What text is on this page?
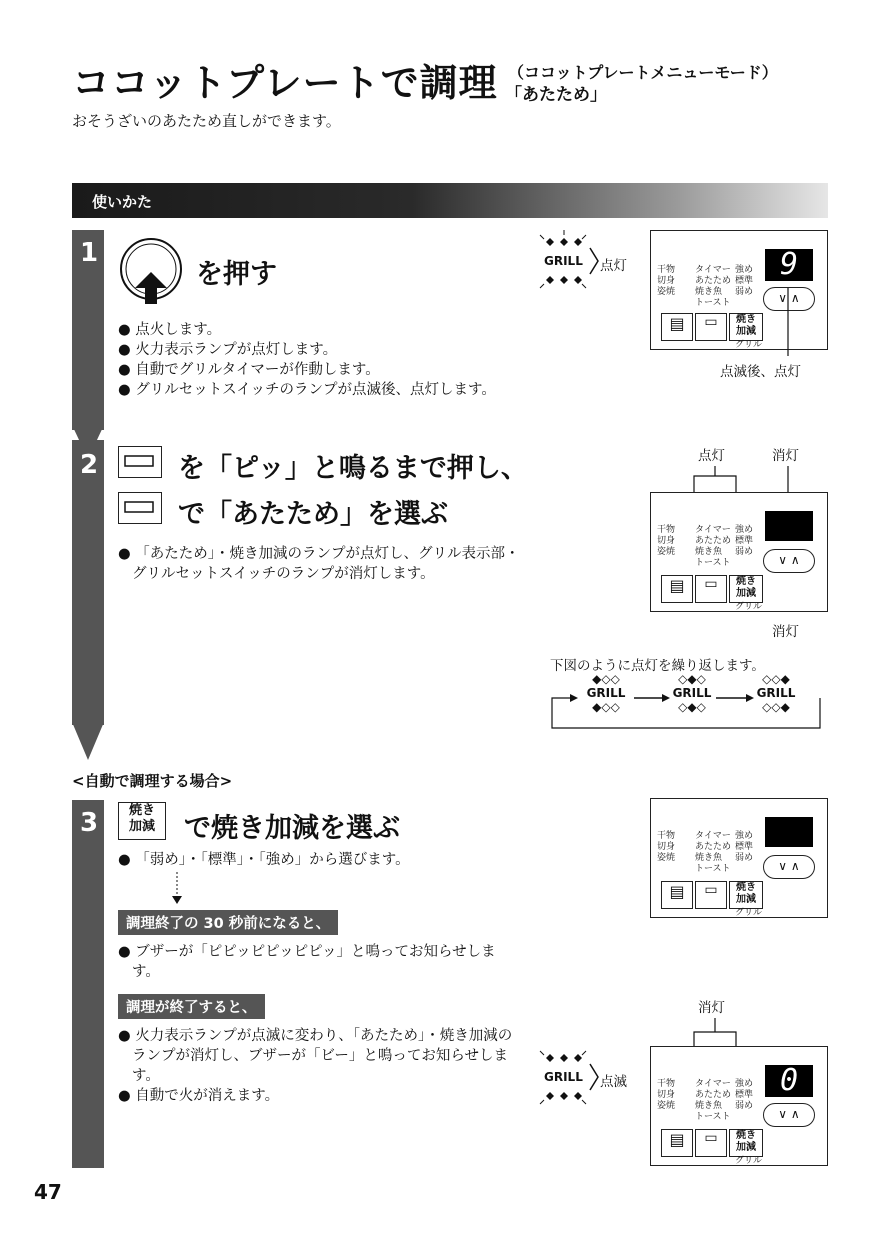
ココットプレートで調理 （ココットプレートメニューモード）
「あたため」
おそうざいのあたため直しができます。
使いかた
1
を押す
● 点火します。
● 火力表示ランプが点灯します。
● 自動でグリルタイマーが作動します。
● グリルセットスイッチのランプが点滅後、点灯します。
GRILL 点灯	干物
切身
姿焼
タイマー
あたため
焼き魚
トースト
強め
標準
弱め
9
∨ ∧
▤	▭	焼き
加減
グリル
点滅後、点灯
2	を「ピッ」と鳴るまで押し、
で「あたため」を選ぶ
● 「あたため」・焼き加減のランプが点灯し、グリル表示部・グリルセットスイッチのランプが消灯します。
点灯	消灯
干物
切身
姿焼
タイマー
あたため
焼き魚
トースト
強め
標準
弱め
∨ ∧
▤	▭	焼き
加減
グリル
消灯
下図のように点灯を繰り返します。
◆◇◇
GRILL
◆◇◇
◇◆◇
GRILL
◇◆◇
◇◇◆
GRILL
◇◇◆
<自動で調理する場合>
3	焼き
加減	で焼き加減を選ぶ
● 「弱め」・「標準」・「強め」から選びます。
調理終了の 30 秒前になると、
● ブザーが「ピピッピピッピピッ」と鳴ってお知らせします。
調理が終了すると、
● 火力表示ランプが点滅に変わり、「あたため」・焼き加減のランプが消灯し、ブザーが「ビー」と鳴ってお知らせします。
● 自動で火が消えます。
干物
切身
姿焼
タイマー
あたため
焼き魚
トースト
強め
標準
弱め
∨ ∧
▤	▭	焼き
加減
グリル
消灯
GRILL 点滅	干物
切身
姿焼
タイマー
あたため
焼き魚
トースト
強め
標準
弱め
0
∨ ∧
▤	▭	焼き
加減
グリル
47
